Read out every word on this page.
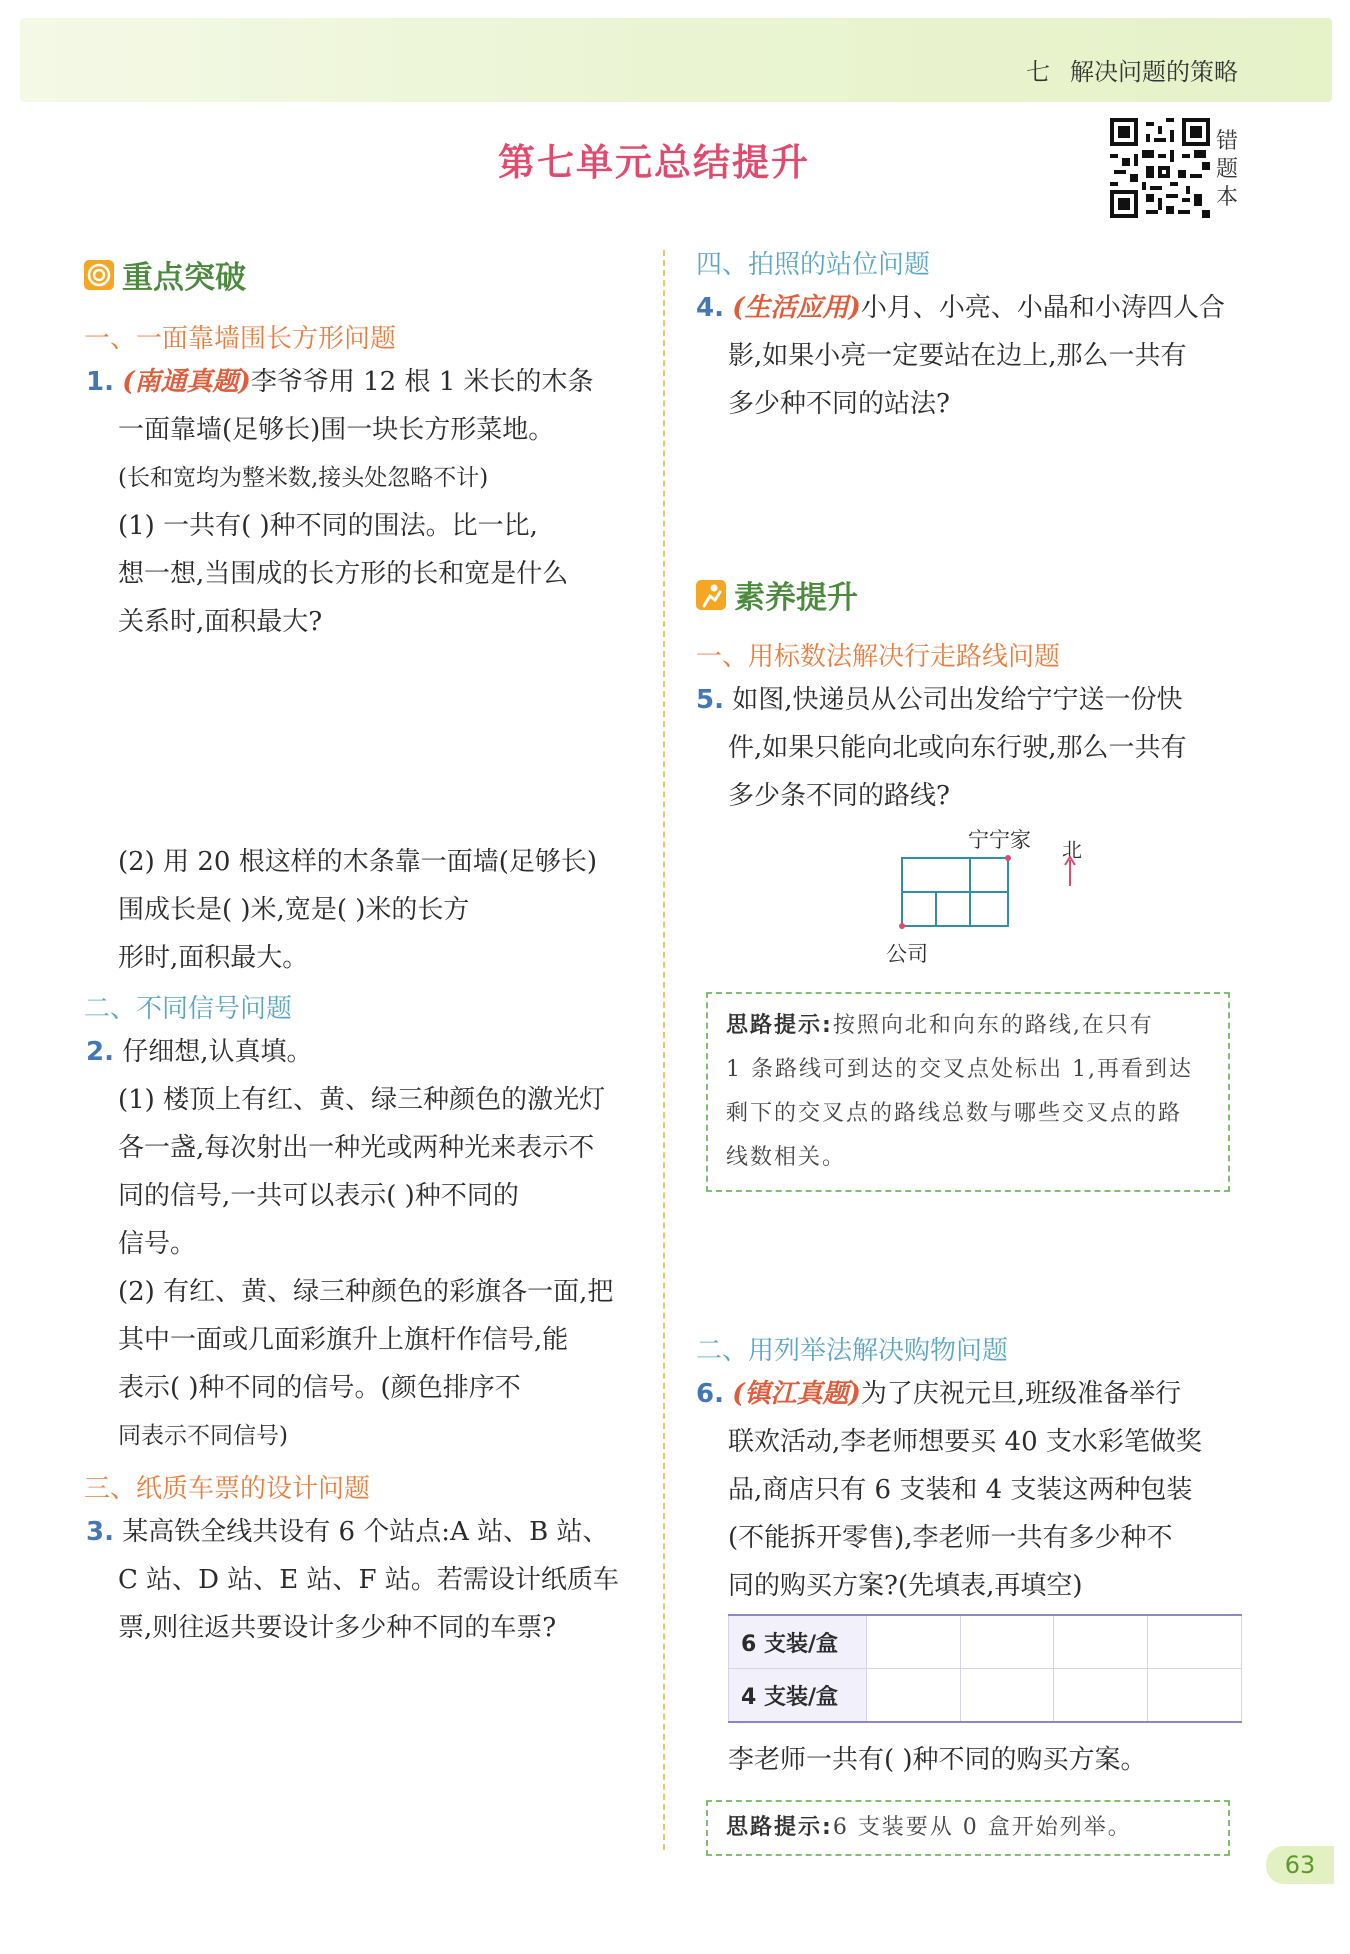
七 解决问题的策略
第七单元总结提升	错题本
重点突破
一、一面靠墙围长方形问题
1. (南通真题)李爷爷用 12 根 1 米长的木条
一面靠墙(足够长)围一块长方形菜地。
(长和宽均为整米数,接头处忽略不计)
(1) 一共有( )种不同的围法。比一比,
想一想,当围成的长方形的长和宽是什么
关系时,面积最大?
(2) 用 20 根这样的木条靠一面墙(足够长)
围成长是( )米,宽是( )米的长方
形时,面积最大。
二、不同信号问题
2. 仔细想,认真填。
(1) 楼顶上有红、黄、绿三种颜色的激光灯
各一盏,每次射出一种光或两种光来表示不
同的信号,一共可以表示( )种不同的
信号。
(2) 有红、黄、绿三种颜色的彩旗各一面,把
其中一面或几面彩旗升上旗杆作信号,能
表示( )种不同的信号。(颜色排序不
同表示不同信号)
三、纸质车票的设计问题
3. 某高铁全线共设有 6 个站点:A 站、B 站、
C 站、D 站、E 站、F 站。若需设计纸质车
票,则往返共要设计多少种不同的车票?
四、拍照的站位问题
4. (生活应用)小月、小亮、小晶和小涛四人合
影,如果小亮一定要站在边上,那么一共有
多少种不同的站法?
素养提升
一、用标数法解决行走路线问题
5. 如图,快递员从公司出发给宁宁送一份快
件,如果只能向北或向东行驶,那么一共有
多少条不同的路线?
宁宁家 北
公司
思路提示:按照向北和向东的路线,在只有
1 条路线可到达的交叉点处标出 1,再看到达
剩下的交叉点的路线总数与哪些交叉点的路
线数相关。
二、用列举法解决购物问题
6. (镇江真题)为了庆祝元旦,班级准备举行
联欢活动,李老师想要买 40 支水彩笔做奖
品,商店只有 6 支装和 4 支装这两种包装
(不能拆开零售),李老师一共有多少种不
同的购买方案?(先填表,再填空)
6 支装/盒				
4 支装/盒				
李老师一共有( )种不同的购买方案。
思路提示:6 支装要从 0 盒开始列举。
63
